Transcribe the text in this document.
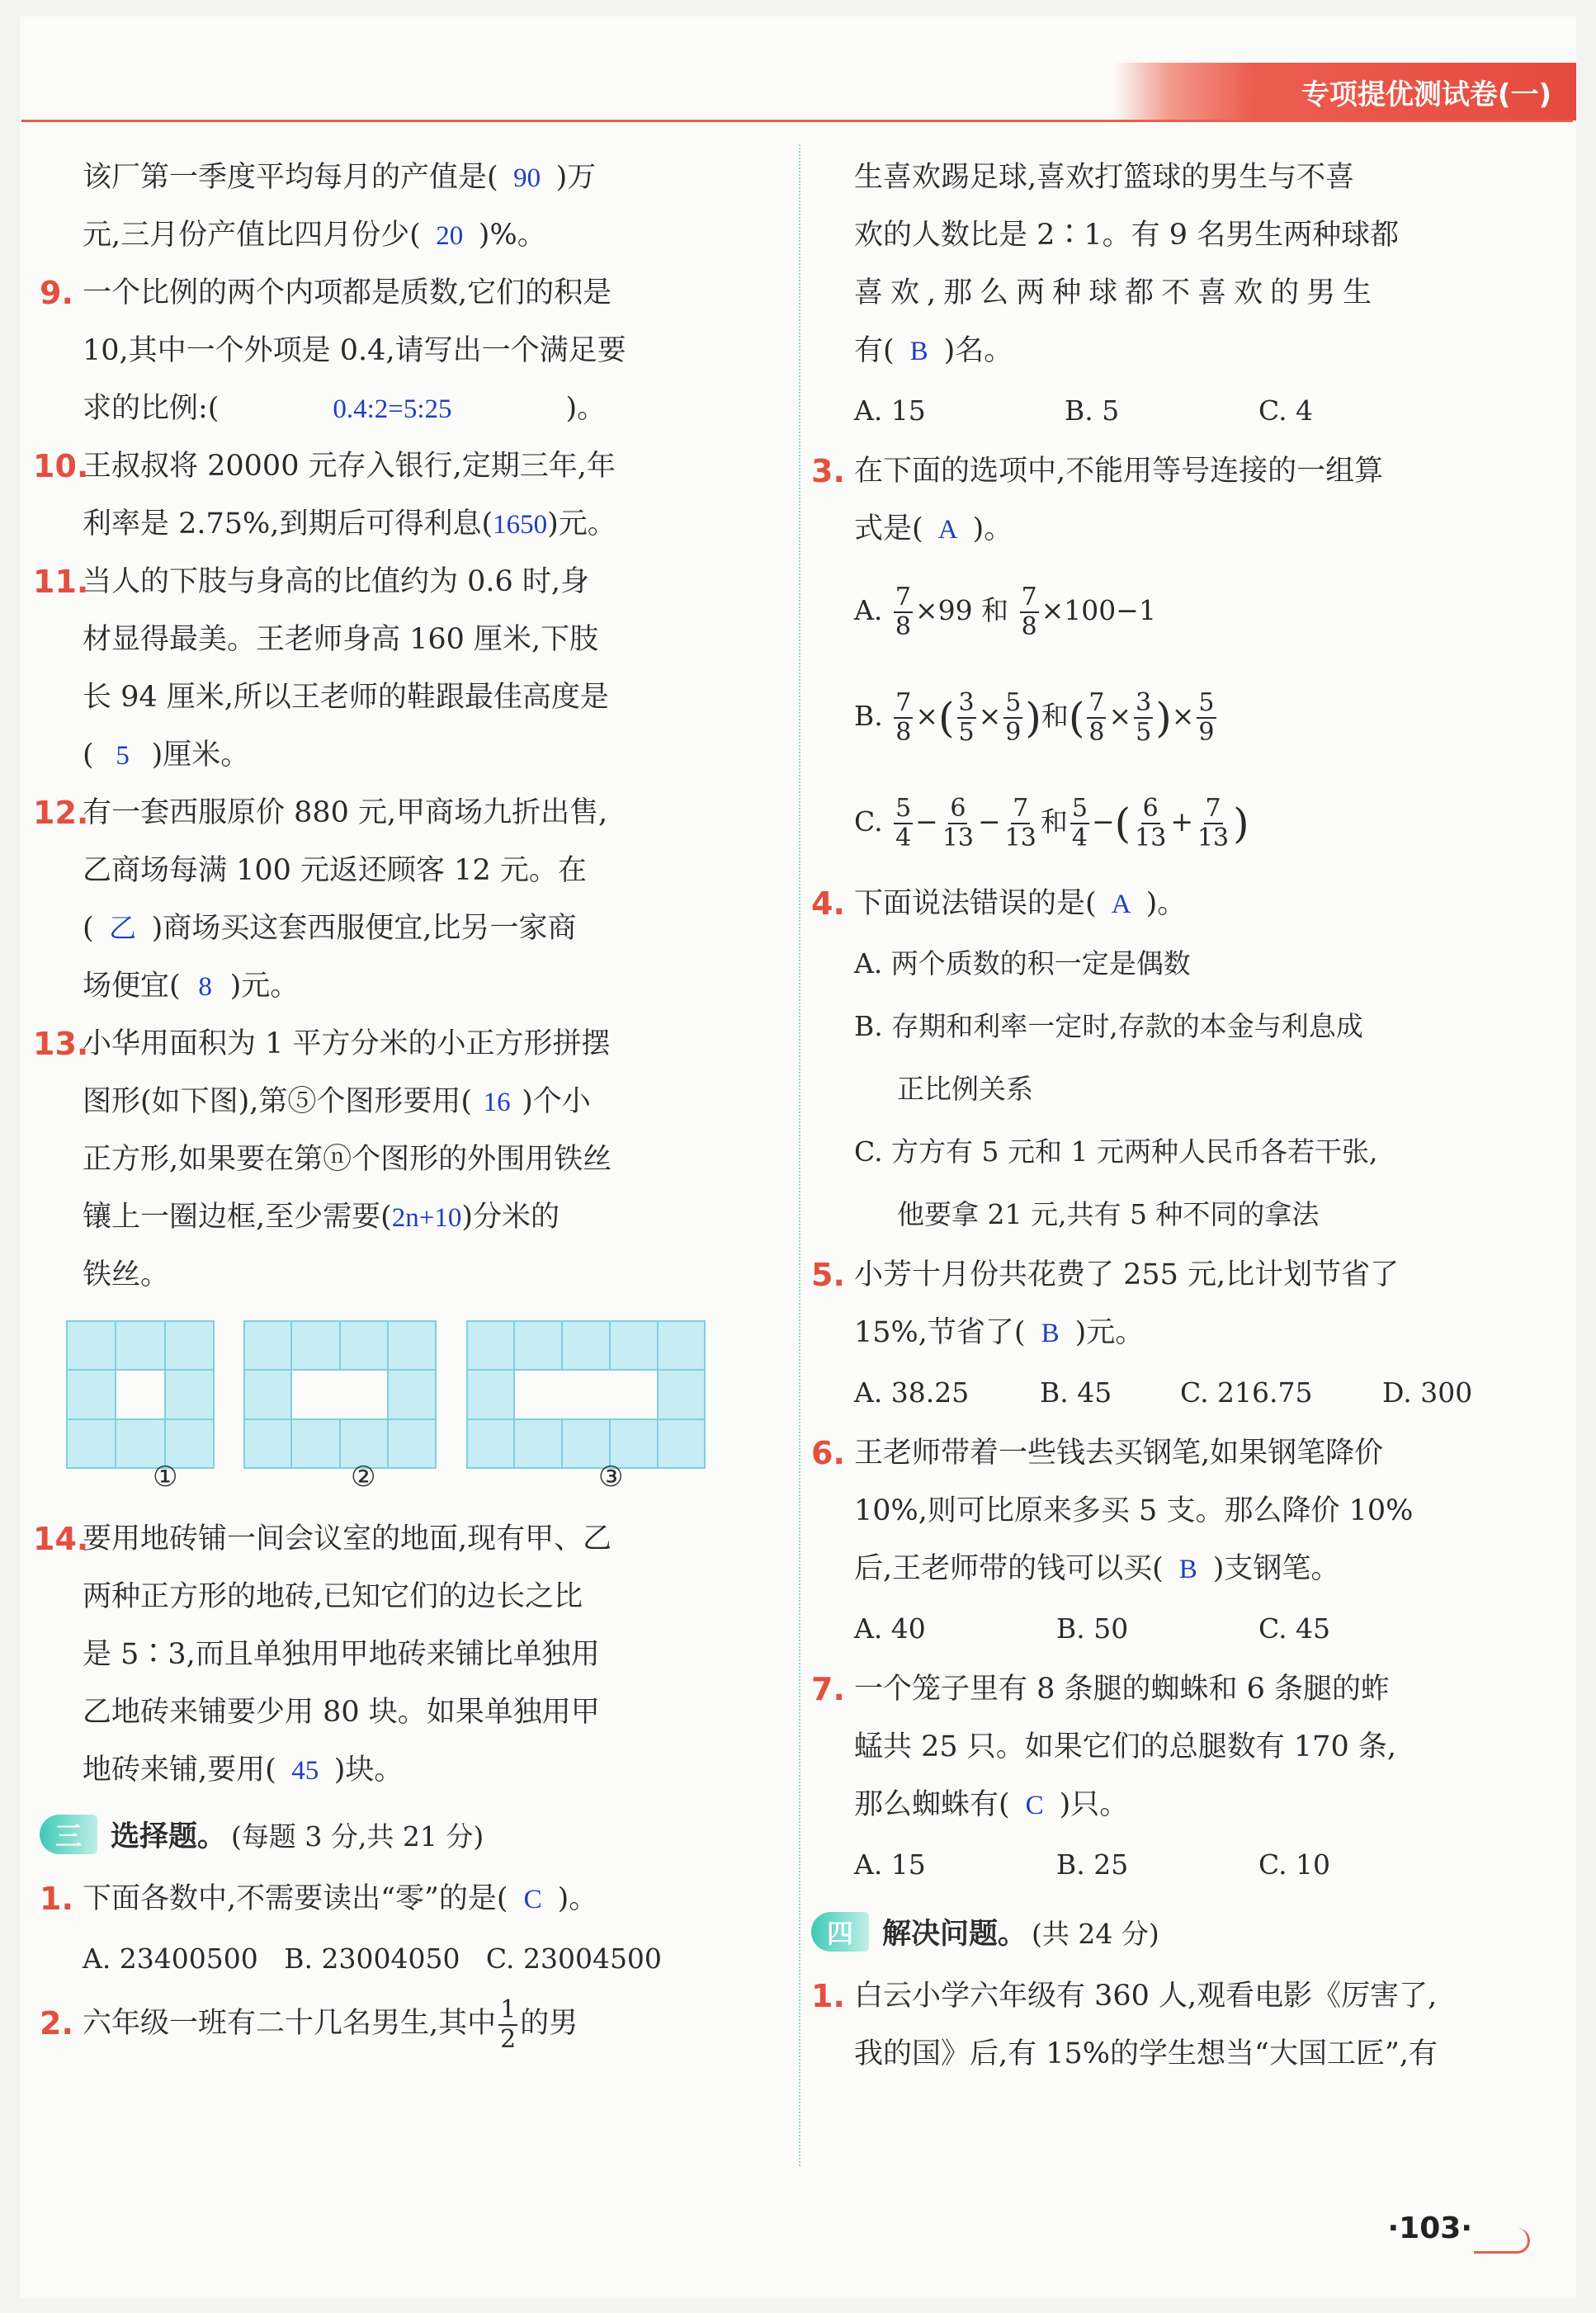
专项提优测试卷(一)
该厂第一季度平均每月的产值是( 90 )万
元,三月份产值比四月份少( 20 )%。
9. 一个比例的两个内项都是质数,它们的积是
10,其中一个外项是 0.4,请写出一个满足要
求的比例:(	0.4:2=5:25	)。
10.
王叔叔将 20000 元存入银行,定期三年,年
利率是 2.75%,到期后可得利息(1650)元。
11.
当人的下肢与身高的比值约为 0.6 时,身
材显得最美。王老师身高 160 厘米,下肢
长 94 厘米,所以王老师的鞋跟最佳高度是
( 5 )厘米。
12.
有一套西服原价 880 元,甲商场九折出售,
乙商场每满 100 元返还顾客 12 元。在
( 乙 )商场买这套西服便宜,比另一家商
场便宜( 8 )元。
13.
小华用面积为 1 平方分米的小正方形拼摆
图形(如下图),第⑤个图形要用( 16 )个小
正方形,如果要在第ⓝ个图形的外围用铁丝
镶上一圈边框,至少需要(2n+10)分米的
铁丝。
①	②	③
14.
要用地砖铺一间会议室的地面,现有甲、乙
两种正方形的地砖,已知它们的边长之比
是 5∶3,而且单独用甲地砖来铺比单独用
乙地砖来铺要少用 80 块。如果单独用甲
地砖来铺,要用( 45 )块。
三	选择题。 (每题 3 分,共 21 分)
1. 下面各数中,不需要读出“零”的是( C )。
A. 23400500   B. 23004050   C. 23004500
2. 六年级一班有二十几名男生,其中 $\frac{1}{2}$ 的男
生喜欢踢足球,喜欢打篮球的男生与不喜
欢的人数比是 2∶1。有 9 名男生两种球都
喜欢,那么两种球都不喜欢的男生
有( B )名。
A. 15	B. 5	C. 4
3. 在下面的选项中,不能用等号连接的一组算
式是( A )。
A. $\frac{7}{8} \times 99$ 和 $\frac{7}{8} \times 100-1$
B. $\frac{7}{8}$ ×( $\frac{3}{5} \times \frac{5}{9}$ )和( $\frac{7}{8} \times \frac{3}{5}$ )× $\frac{5}{9}$
C. $\frac{5}{4} - \frac{6}{13} - \frac{7}{13}$ 和 $\frac{5}{4}$ −( $\frac{6}{13} + \frac{7}{13}$ )
4. 下面说法错误的是( A )。
A. 两个质数的积一定是偶数
B. 存期和利率一定时,存款的本金与利息成
正比例关系
C. 方方有 5 元和 1 元两种人民币各若干张,
他要拿 21 元,共有 5 种不同的拿法
5. 小芳十月份共花费了 255 元,比计划节省了
15%,节省了( B )元。
A. 38.25	B. 45	C. 216.75	D. 300
6. 王老师带着一些钱去买钢笔,如果钢笔降价
10%,则可比原来多买 5 支。那么降价 10%
后,王老师带的钱可以买( B )支钢笔。
A. 40	B. 50	C. 45
7. 一个笼子里有 8 条腿的蜘蛛和 6 条腿的蚱
蜢共 25 只。如果它们的总腿数有 170 条,
那么蜘蛛有( C )只。
A. 15	B. 25	C. 10
四	解决问题。 (共 24 分)
1. 白云小学六年级有 360 人,观看电影《厉害了,
我的国》后,有 15%的学生想当“大国工匠”,有
·103·
